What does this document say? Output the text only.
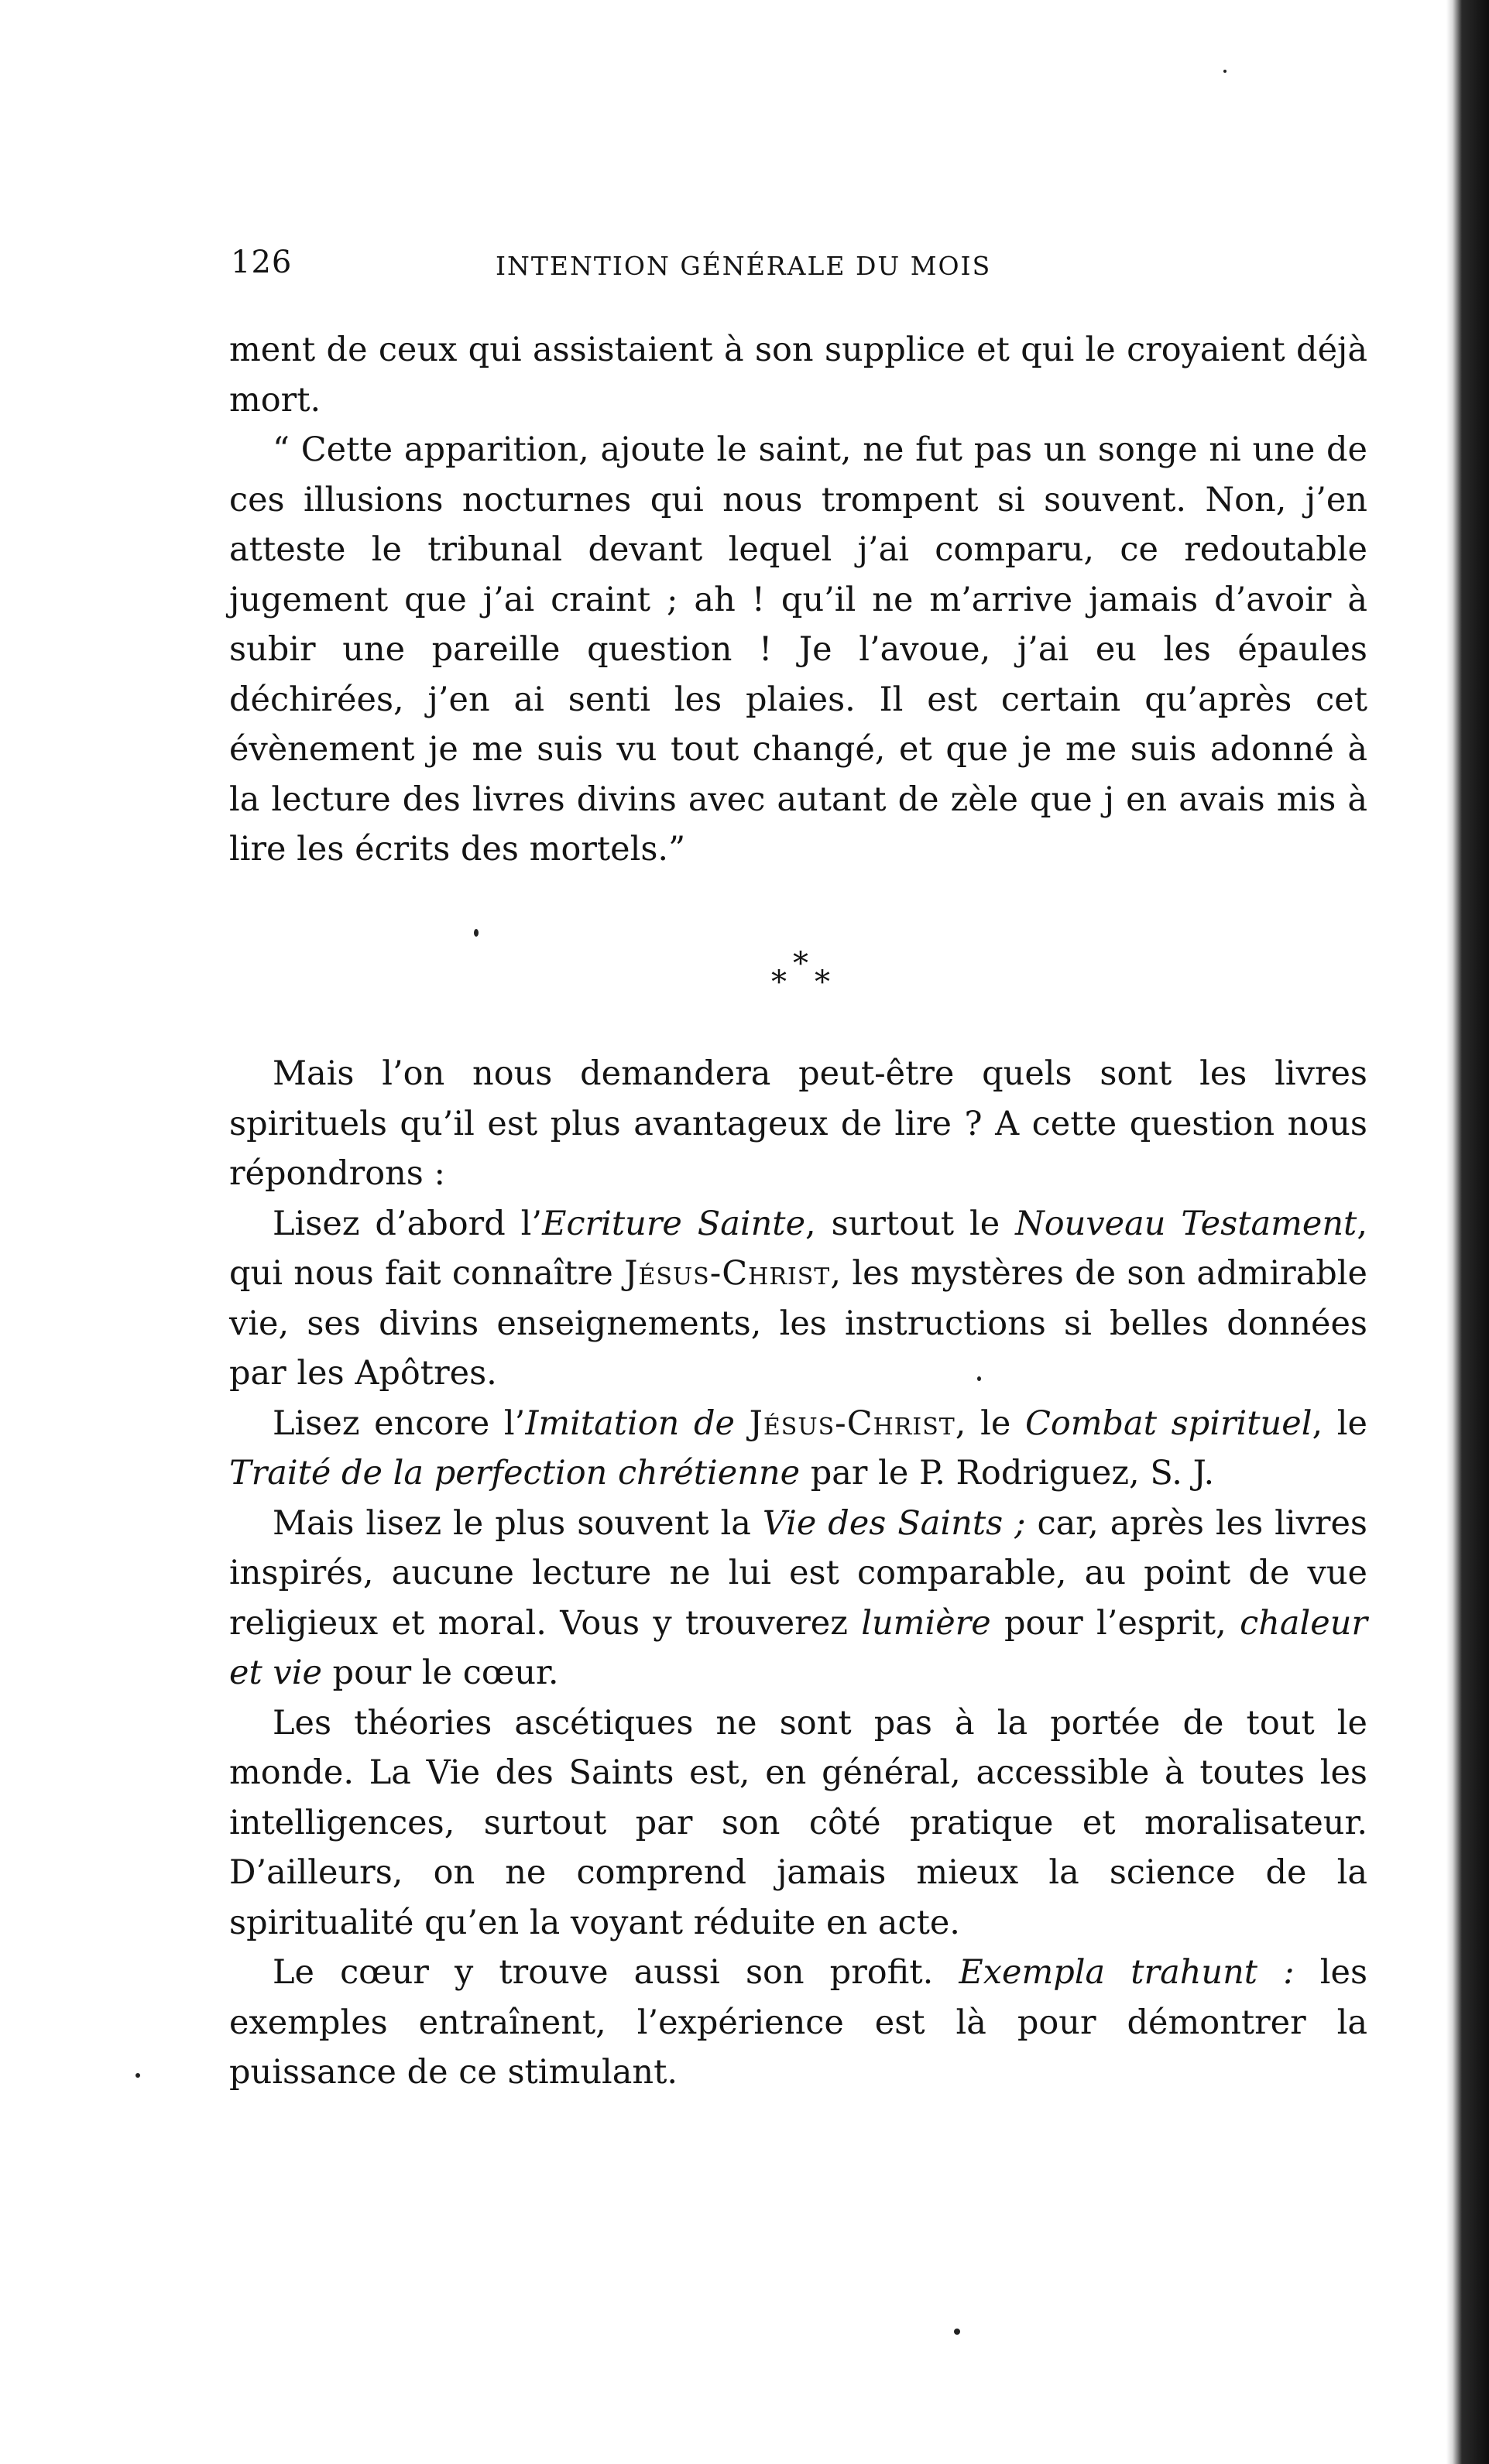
126	INTENTION GÉNÉRALE DU MOIS

ment de ceux qui assistaient à son supplice et qui le croyaient déjà mort.

“ Cette apparition, ajoute le saint, ne fut pas un songe ni une de ces illusions nocturnes qui nous trompent si souvent. Non, j’en atteste le tribunal devant lequel j’ai comparu, ce redoutable jugement que j’ai craint ; ah ! qu’il ne m’arrive jamais d’avoir à subir une pareille question ! Je l’avoue, j’ai eu les épaules déchirées, j’en ai senti les plaies. Il est certain qu’après cet évènement je me suis vu tout changé, et que je me suis adonné à la lecture des livres divins avec autant de zèle que j en avais mis à lire les écrits des mortels.”

*
* *

Mais l’on nous demandera peut-être quels sont les livres spirituels qu’il est plus avantageux de lire ? A cette question nous répondrons :

Lisez d’abord l’Ecriture Sainte, surtout le Nouveau Testament, qui nous fait connaître Jésus-Christ, les mystères de son admirable vie, ses divins enseignements, les instructions si belles données par les Apôtres.

Lisez encore l’Imitation de Jésus-Christ, le Combat spirituel, le Traité de la perfection chrétienne par le P. Rodriguez, S. J.

Mais lisez le plus souvent la Vie des Saints ; car, après les livres inspirés, aucune lecture ne lui est comparable, au point de vue religieux et moral. Vous y trouverez lumière pour l’esprit, chaleur et vie pour le cœur.

Les théories ascétiques ne sont pas à la portée de tout le monde. La Vie des Saints est, en général, accessible à toutes les intelligences, surtout par son côté pratique et moralisateur. D’ailleurs, on ne comprend jamais mieux la science de la spiritualité qu’en la voyant réduite en acte.

Le cœur y trouve aussi son profit. Exempla trahunt : les exemples entraînent, l’expérience est là pour démontrer la puissance de ce stimulant.
